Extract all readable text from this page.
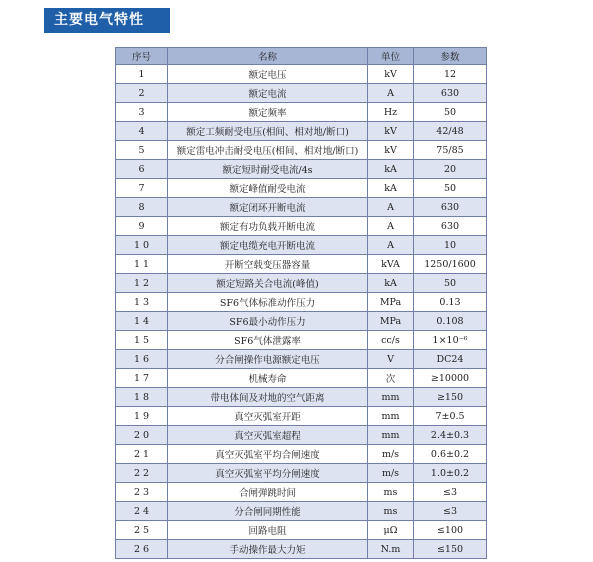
主要电气特性
序号	名称	单位	参数
1	额定电压	kV	12
2	额定电流	A	630
3	额定频率	Hz	50
4	额定工频耐受电压(相间、相对地/断口)	kV	42/48
5	额定雷电冲击耐受电压(相间、相对地/断口)	kV	75/85
6	额定短时耐受电流/4s	kA	20
7	额定峰值耐受电流	kA	50
8	额定闭环开断电流	A	630
9	额定有功负载开断电流	A	630
1 0	额定电缆充电开断电流	A	10
1 1	开断空载变压器容量	kVA	1250/1600
1 2	额定短路关合电流(峰值)	kA	50
1 3	SF6气体标准动作压力	MPa	0.13
1 4	SF6最小动作压力	MPa	0.108
1 5	SF6气体泄露率	cc/s	1×10⁻⁶
1 6	分合闸操作电源额定电压	V	DC24
1 7	机械寿命	次	≥10000
1 8	带电体间及对地的空气距离	mm	≥150
1 9	真空灭弧室开距	mm	7±0.5
2 0	真空灭弧室超程	mm	2.4±0.3
2 1	真空灭弧室平均合闸速度	m/s	0.6±0.2
2 2	真空灭弧室平均分闸速度	m/s	1.0±0.2
2 3	合闸弹跳时间	ms	≤3
2 4	分合闸同期性能	ms	≤3
2 5	回路电阻	μΩ	≤100
2 6	手动操作最大力矩	N.m	≤150
